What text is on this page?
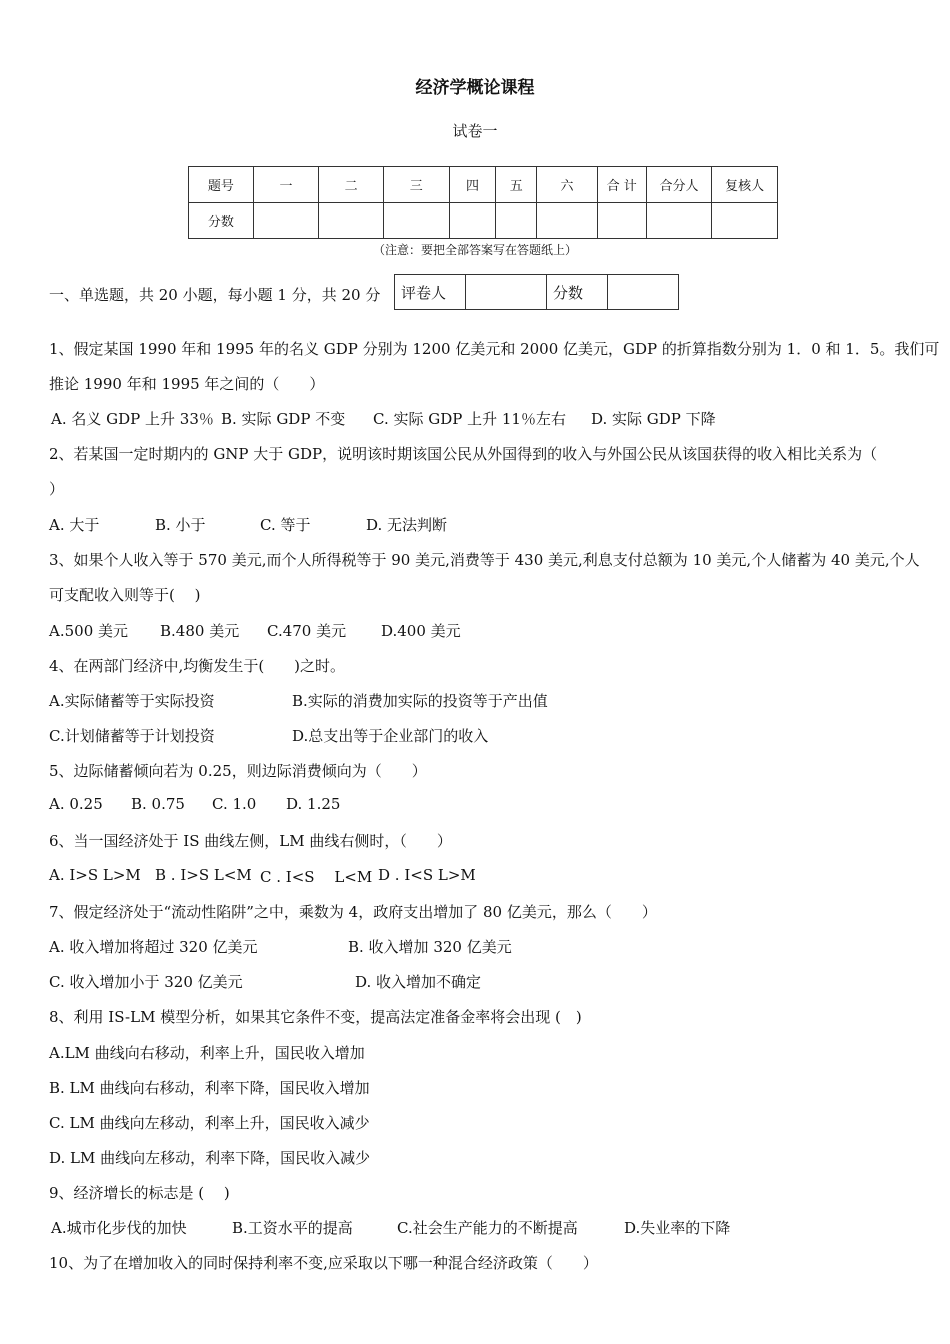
经济学概论课程
试卷一
题号	一	二	三	四	五	六	合 计	合分人	复核人
分数									
（注意：要把全部答案写在答题纸上）
一、单选题，共 20 小题，每小题 1 分，共 20 分 评卷人		分数	
1、假定某国 1990 年和 1995 年的名义 GDP 分别为 1200 亿美元和 2000 亿美元，GDP 的折算指数分别为 1．0 和 1．5。我们可
推论 1990 年和 1995 年之间的（　　）
A. 名义 GDP 上升 33％ B. 实际 GDP 不变 C. 实际 GDP 上升 11％左右 D. 实际 GDP 下降
2、若某国一定时期内的 GNP 大于 GDP，说明该时期该国公民从外国得到的收入与外国公民从该国获得的收入相比关系为（
）
A. 大于	B. 小于	C. 等于	D. 无法判断
3、如果个人收入等于 570 美元,而个人所得税等于 90 美元,消费等于 430 美元,利息支付总额为 10 美元,个人储蓄为 40 美元,个人
可支配收入则等于(　 )
A.500 美元 B.480 美元 C.470 美元 D.400 美元
4、在两部门经济中,均衡发生于(　　)之时。
A.实际储蓄等于实际投资	B.实际的消费加实际的投资等于产出值
C.计划储蓄等于计划投资	D.总支出等于企业部门的收入
5、边际储蓄倾向若为 0.25，则边际消费倾向为（　　）
A. 0.25 B. 0.75 C. 1.0 D. 1.25
6、当一国经济处于 IS 曲线左侧，LM 曲线右侧时，（　　）
A. I>S L>M B . I>S L<M C . I<S　 L<M D . I<S L>M
7、假定经济处于“流动性陷阱”之中，乘数为 4，政府支出增加了 80 亿美元，那么（　　）
A. 收入增加将超过 320 亿美元	B. 收入增加 320 亿美元
C. 收入增加小于 320 亿美元	D. 收入增加不确定
8、利用 IS-LM 模型分析，如果其它条件不变，提高法定准备金率将会出现 (　)
A.LM 曲线向右移动，利率上升，国民收入增加
B. LM 曲线向右移动，利率下降，国民收入增加
C. LM 曲线向左移动，利率上升，国民收入减少
D. LM 曲线向左移动，利率下降，国民收入减少
9、经济增长的标志是 (　 )
A.城市化步伐的加快	B.工资水平的提高	C.社会生产能力的不断提高	D.失业率的下降
10、为了在增加收入的同时保持利率不变,应采取以下哪一种混合经济政策（　　）
